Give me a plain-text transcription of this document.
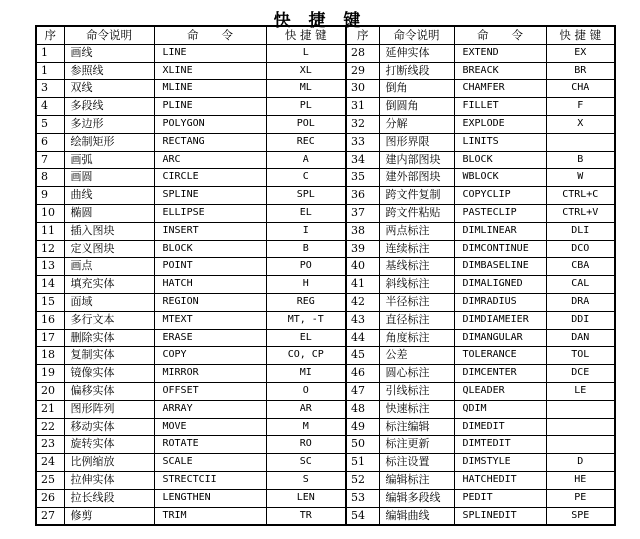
快 捷 键
序	命令说明	命　　令	快 捷 键	序	命令说明	命　　令	快 捷 键
1	画线	LINE	L	28	延伸实体	EXTEND	EX
1	参照线	XLINE	XL	29	打断线段	BREACK	BR
3	双线	MLINE	ML	30	倒角	CHAMFER	CHA
4	多段线	PLINE	PL	31	倒圆角	FILLET	F
5	多边形	POLYGON	POL	32	分解	EXPLODE	X
6	绘制矩形	RECTANG	REC	33	图形界限	LINITS	
7	画弧	ARC	A	34	建内部图块	BLOCK	B
8	画圆	CIRCLE	C	35	建外部图块	WBLOCK	W
9	曲线	SPLINE	SPL	36	跨文件复制	COPYCLIP	CTRL+C
10	椭圆	ELLIPSE	EL	37	跨文件粘贴	PASTECLIP	CTRL+V
11	插入图块	INSERT	I	38	两点标注	DIMLINEAR	DLI
12	定义图块	BLOCK	B	39	连续标注	DIMCONTINUE	DCO
13	画点	POINT	PO	40	基线标注	DIMBASELINE	CBA
14	填充实体	HATCH	H	41	斜线标注	DIMALIGNED	CAL
15	面域	REGION	REG	42	半径标注	DIMRADIUS	DRA
16	多行文本	MTEXT	MT, -T	43	直径标注	DIMDIAMEIER	DDI
17	删除实体	ERASE	EL	44	角度标注	DIMANGULAR	DAN
18	复制实体	COPY	CO, CP	45	公差	TOLERANCE	TOL
19	镜像实体	MIRROR	MI	46	圆心标注	DIMCENTER	DCE
20	偏移实体	OFFSET	O	47	引线标注	QLEADER	LE
21	图形阵列	ARRAY	AR	48	快速标注	QDIM	
22	移动实体	MOVE	M	49	标注编辑	DIMEDIT	
23	旋转实体	ROTATE	RO	50	标注更新	DIMTEDIT	
24	比例缩放	SCALE	SC	51	标注设置	DIMSTYLE	D
25	拉伸实体	STRECTCII	S	52	编辑标注	HATCHEDIT	HE
26	拉长线段	LENGTHEN	LEN	53	编辑多段线	PEDIT	PE
27	修剪	TRIM	TR	54	编辑曲线	SPLINEDIT	SPE
